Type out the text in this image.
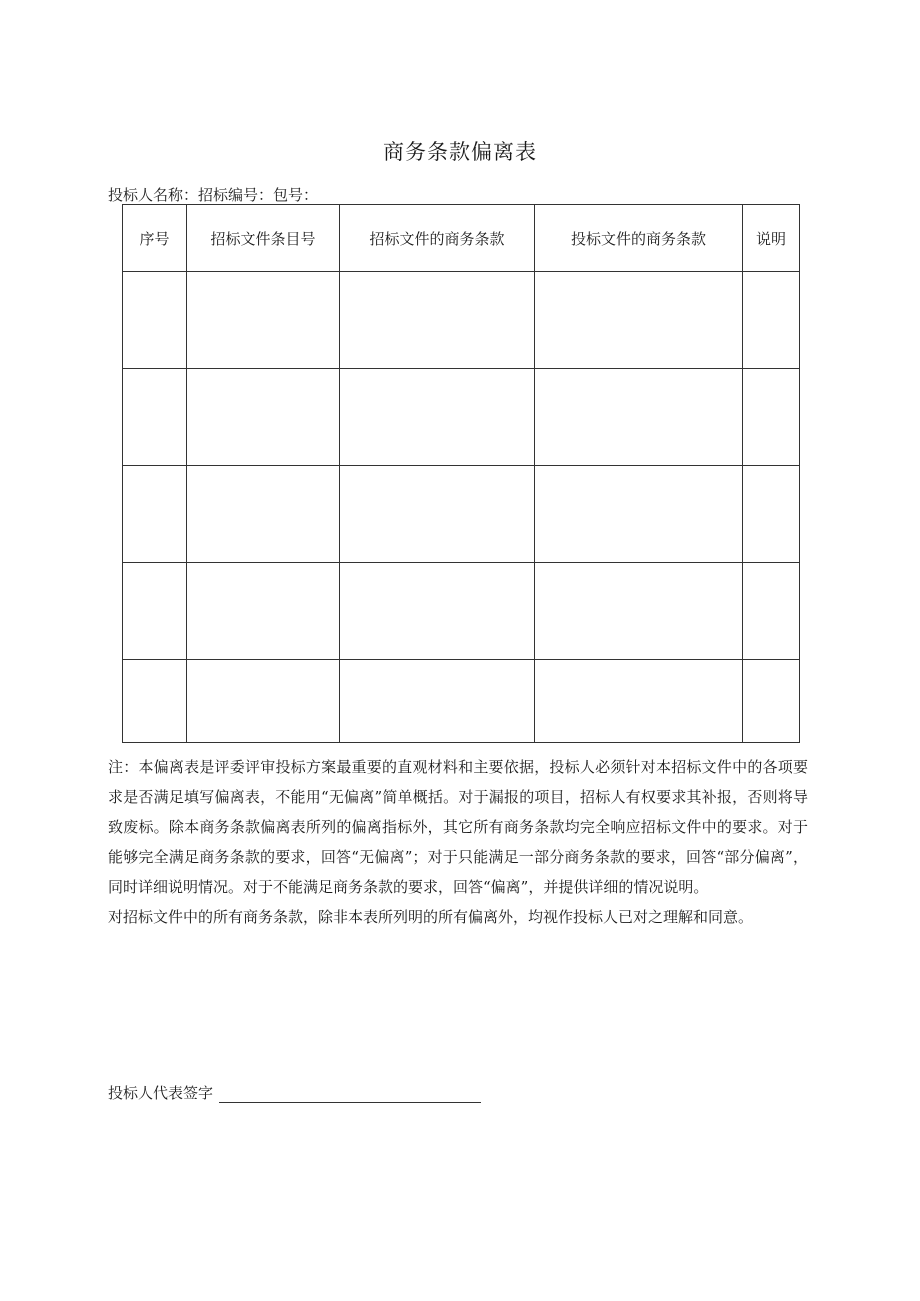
商务条款偏离表
投标人名称：招标编号：包号：
序号	招标文件条目号	招标文件的商务条款	投标文件的商务条款	说明

注：本偏离表是评委评审投标方案最重要的直观材料和主要依据，投标人必须针对本招标文件中的各项要求是否满足填写偏离表，不能用“无偏离”简单概括。对于漏报的项目，招标人有权要求其补报，否则将导致废标。除本商务条款偏离表所列的偏离指标外，其它所有商务条款均完全响应招标文件中的要求。对于能够完全满足商务条款的要求，回答“无偏离”；对于只能满足一部分商务条款的要求，回答“部分偏离”，同时详细说明情况。对于不能满足商务条款的要求，回答“偏离”，并提供详细的情况说明。

对招标文件中的所有商务条款，除非本表所列明的所有偏离外，均视作投标人已对之理解和同意。

投标人代表签字
